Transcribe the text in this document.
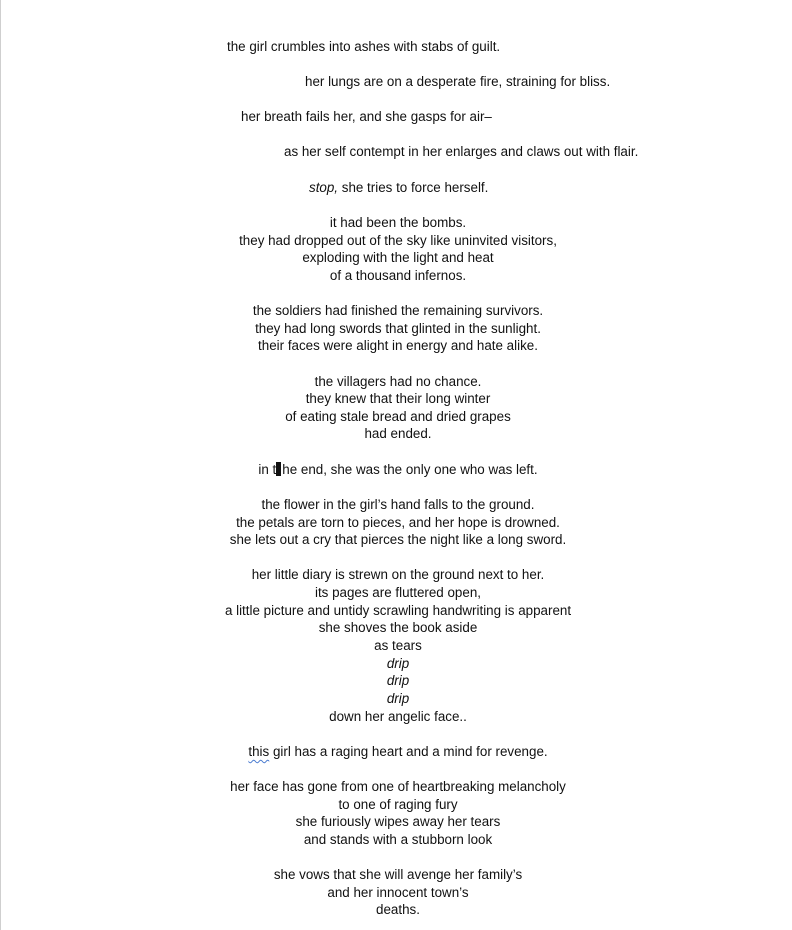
the girl crumbles into ashes with stabs of guilt.
her lungs are on a desperate fire, straining for bliss.
her breath fails her, and she gasps for air–
as her self contempt in her enlarges and claws out with flair.
stop, she tries to force herself.
it had been the bombs.
they had dropped out of the sky like uninvited visitors,
exploding with the light and heat
of a thousand infernos.
the soldiers had finished the remaining survivors.
they had long swords that glinted in the sunlight.
their faces were alight in energy and hate alike.
the villagers had no chance.
they knew that their long winter
of eating stale bread and dried grapes
had ended.
in t he end, she was the only one who was left.
the flower in the girl’s hand falls to the ground.
the petals are torn to pieces, and her hope is drowned.
she lets out a cry that pierces the night like a long sword.
her little diary is strewn on the ground next to her.
its pages are fluttered open,
a little picture and untidy scrawling handwriting is apparent
she shoves the book aside
as tears
drip
drip
drip
down her angelic face..
this girl has a raging heart and a mind for revenge.
her face has gone from one of heartbreaking melancholy
to one of raging fury
she furiously wipes away her tears
and stands with a stubborn look
she vows that she will avenge her family’s
and her innocent town’s
deaths.
